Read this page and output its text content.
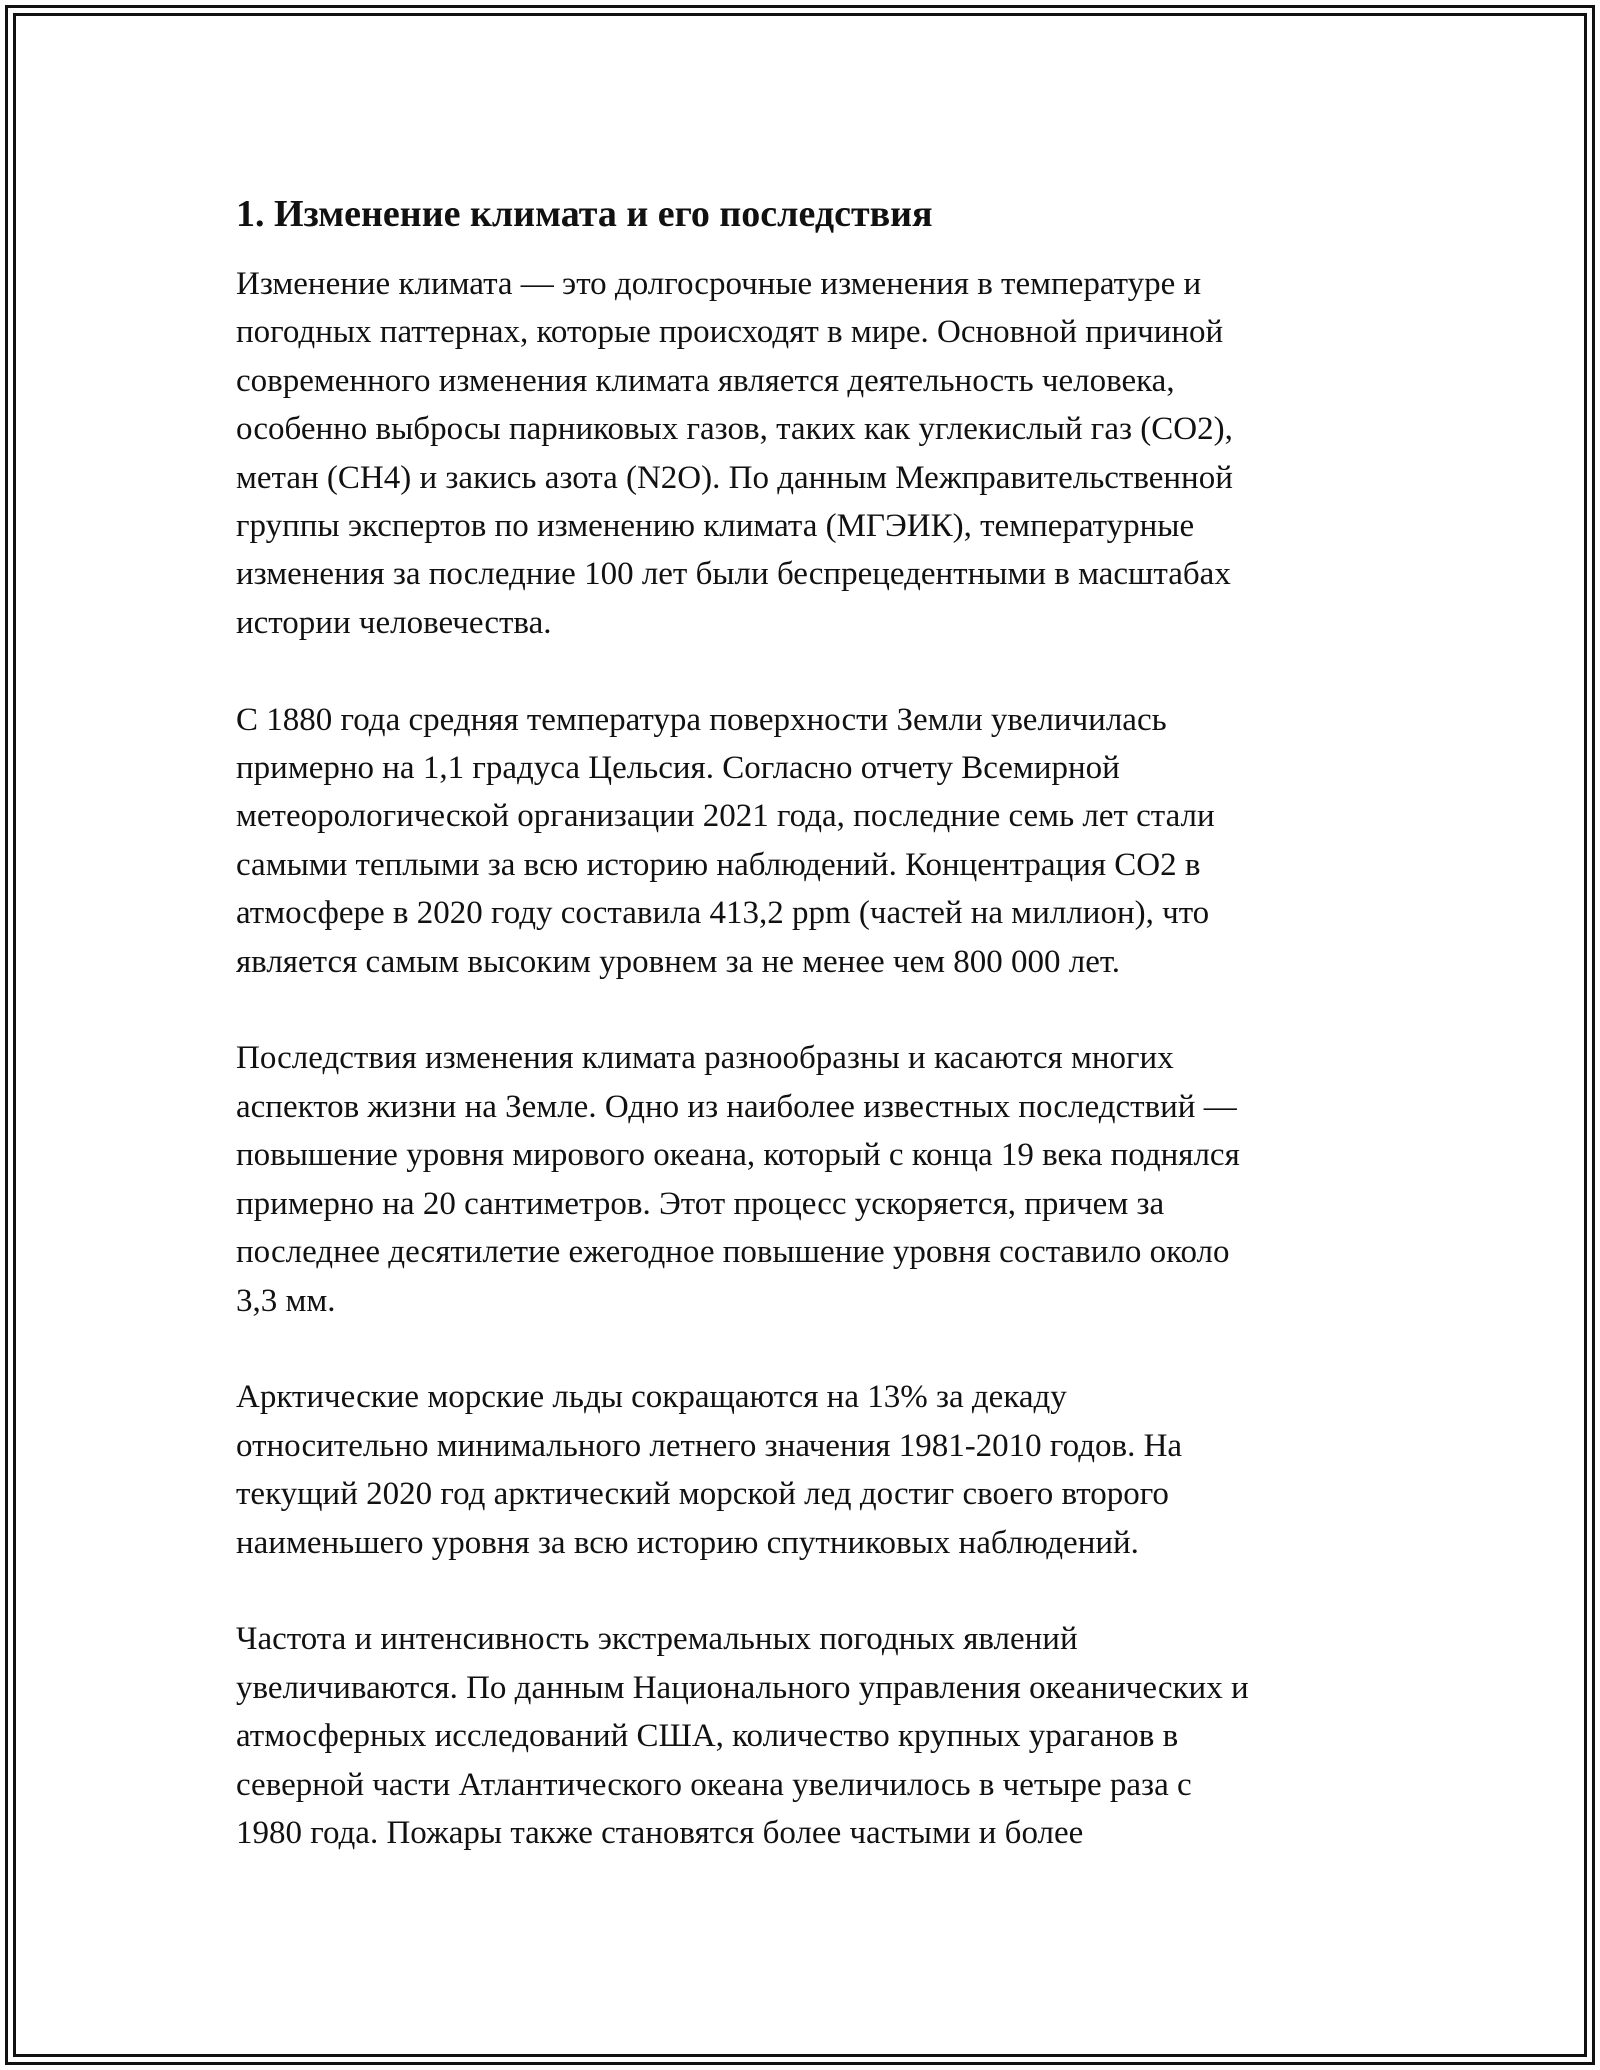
1. Изменение климата и его последствия

Изменение климата — это долгосрочные изменения в температуре и
погодных паттернах, которые происходят в мире. Основной причиной
современного изменения климата является деятельность человека,
особенно выбросы парниковых газов, таких как углекислый газ (CO2),
метан (CH4) и закись азота (N2O). По данным Межправительственной
группы экспертов по изменению климата (МГЭИК), температурные
изменения за последние 100 лет были беспрецедентными в масштабах
истории человечества.

С 1880 года средняя температура поверхности Земли увеличилась
примерно на 1,1 градуса Цельсия. Согласно отчету Всемирной
метеорологической организации 2021 года, последние семь лет стали
самыми теплыми за всю историю наблюдений. Концентрация CO2 в
атмосфере в 2020 году составила 413,2 ppm (частей на миллион), что
является самым высоким уровнем за не менее чем 800 000 лет.

Последствия изменения климата разнообразны и касаются многих
аспектов жизни на Земле. Одно из наиболее известных последствий —
повышение уровня мирового океана, который с конца 19 века поднялся
примерно на 20 сантиметров. Этот процесс ускоряется, причем за
последнее десятилетие ежегодное повышение уровня составило около
3,3 мм.

Арктические морские льды сокращаются на 13% за декаду
относительно минимального летнего значения 1981-2010 годов. На
текущий 2020 год арктический морской лед достиг своего второго
наименьшего уровня за всю историю спутниковых наблюдений.

Частота и интенсивность экстремальных погодных явлений
увеличиваются. По данным Национального управления океанических и
атмосферных исследований США, количество крупных ураганов в
северной части Атлантического океана увеличилось в четыре раза с
1980 года. Пожары также становятся более частыми и более
